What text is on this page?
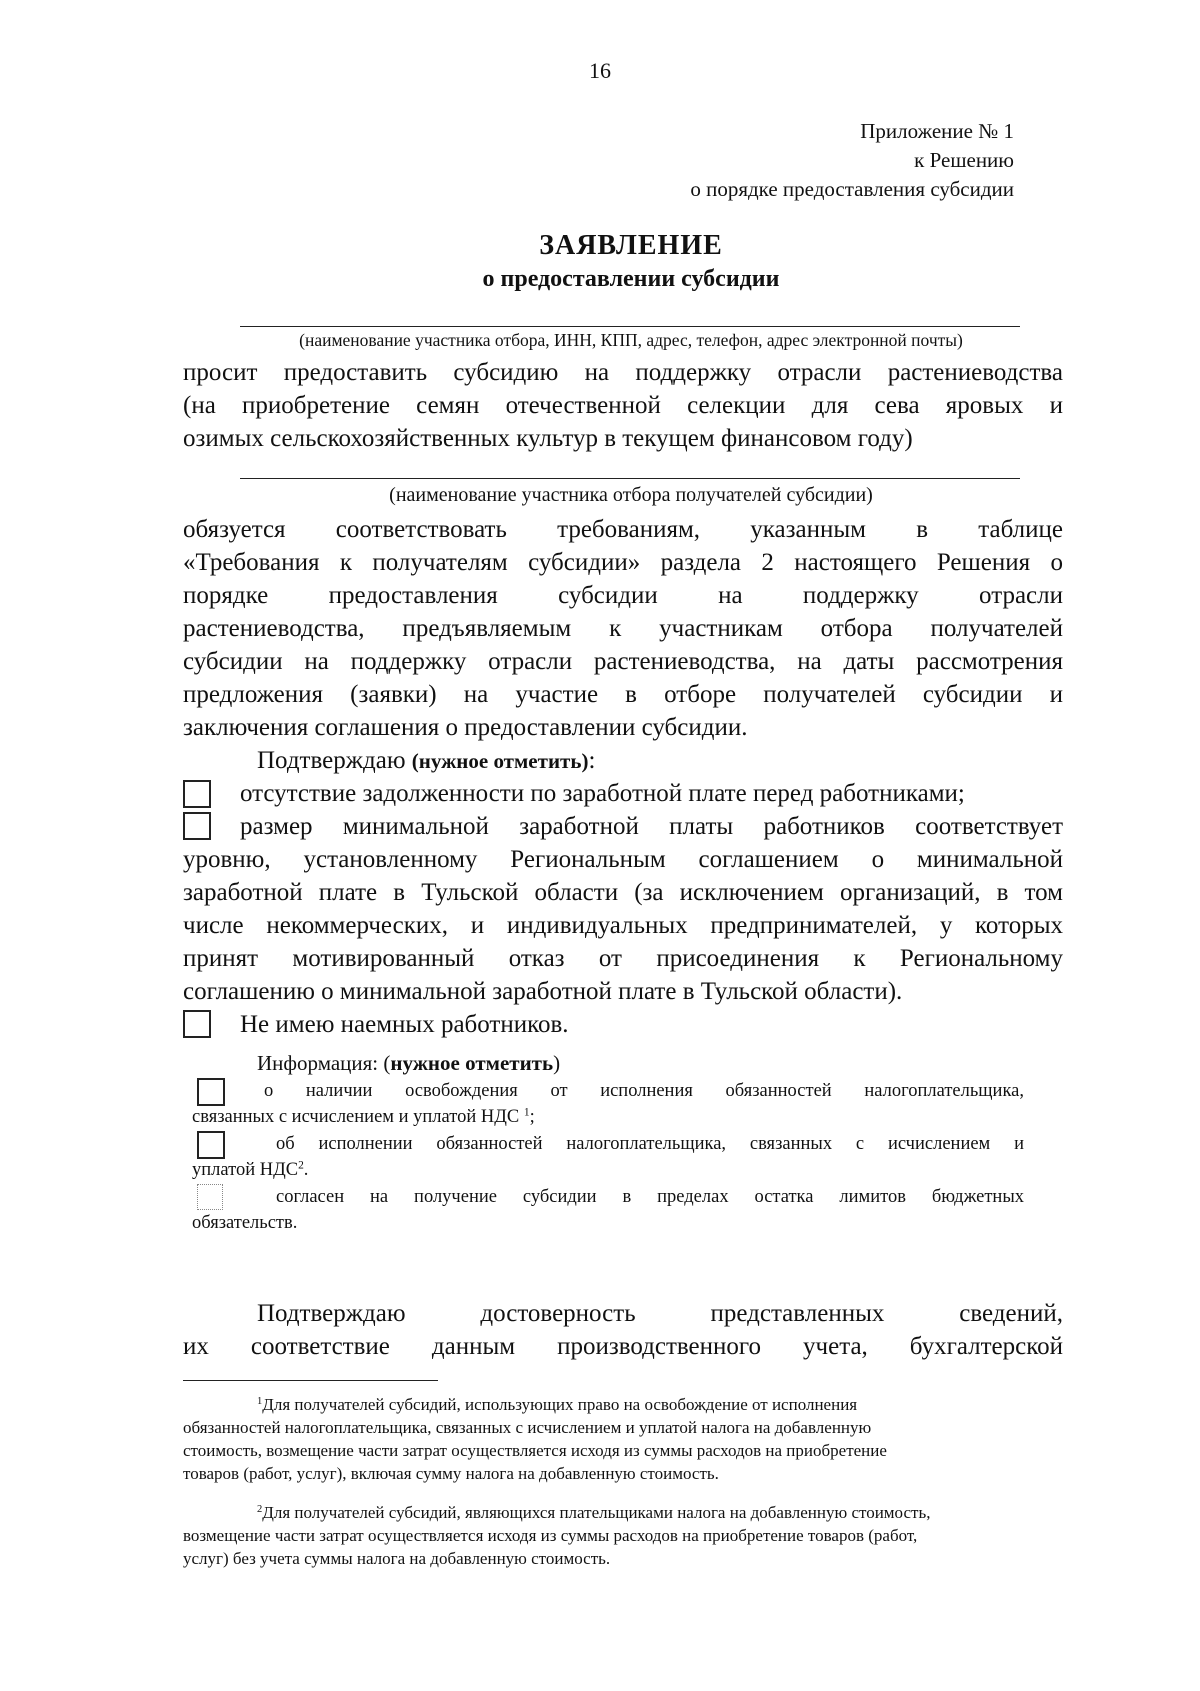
16
Приложение № 1
к Решению
о порядке предоставления субсидии
ЗАЯВЛЕНИЕ
о предоставлении субсидии
(наименование участника отбора, ИНН, КПП, адрес, телефон, адрес электронной почты)
просит предоставить субсидию на поддержку отрасли растениеводства
(на приобретение семян отечественной селекции для сева яровых и
озимых сельскохозяйственных культур в текущем финансовом году)
(наименование участника отбора получателей субсидии)
обязуется соответствовать требованиям, указанным в таблице
«Требования к получателям субсидии» раздела 2 настоящего Решения о
порядке предоставления субсидии на поддержку отрасли
растениеводства, предъявляемым к участникам отбора получателей
субсидии на поддержку отрасли растениеводства, на даты рассмотрения
предложения (заявки) на участие в отборе получателей субсидии и
заключения соглашения о предоставлении субсидии.
Подтверждаю (нужное отметить):
отсутствие задолженности по заработной плате перед работниками;
размер минимальной заработной платы работников соответствует
уровню, установленному Региональным соглашением о минимальной
заработной плате в Тульской области (за исключением организаций, в том
числе некоммерческих, и индивидуальных предпринимателей, у которых
принят мотивированный отказ от присоединения к Региональному
соглашению о минимальной заработной плате в Тульской области).
Не имею наемных работников.
Информация: (нужное отметить)
о наличии освобождения от исполнения обязанностей налогоплательщика,
связанных с исчислением и уплатой НДС $^1$;
об исполнении обязанностей налогоплательщика, связанных с исчислением и
уплатой НДС$^2$.
согласен на получение субсидии в пределах остатка лимитов бюджетных
обязательств.
Подтверждаю достоверность представленных сведений,
их соответствие данным производственного учета, бухгалтерской
$^1$Для получателей субсидий, использующих право на освобождение от исполнения
обязанностей налогоплательщика, связанных с исчислением и уплатой налога на добавленную
стоимость, возмещение части затрат осуществляется исходя из суммы расходов на приобретение
товаров (работ, услуг), включая сумму налога на добавленную стоимость.
$^2$Для получателей субсидий, являющихся плательщиками налога на добавленную стоимость,
возмещение части затрат осуществляется исходя из суммы расходов на приобретение товаров (работ,
услуг) без учета суммы налога на добавленную стоимость.
